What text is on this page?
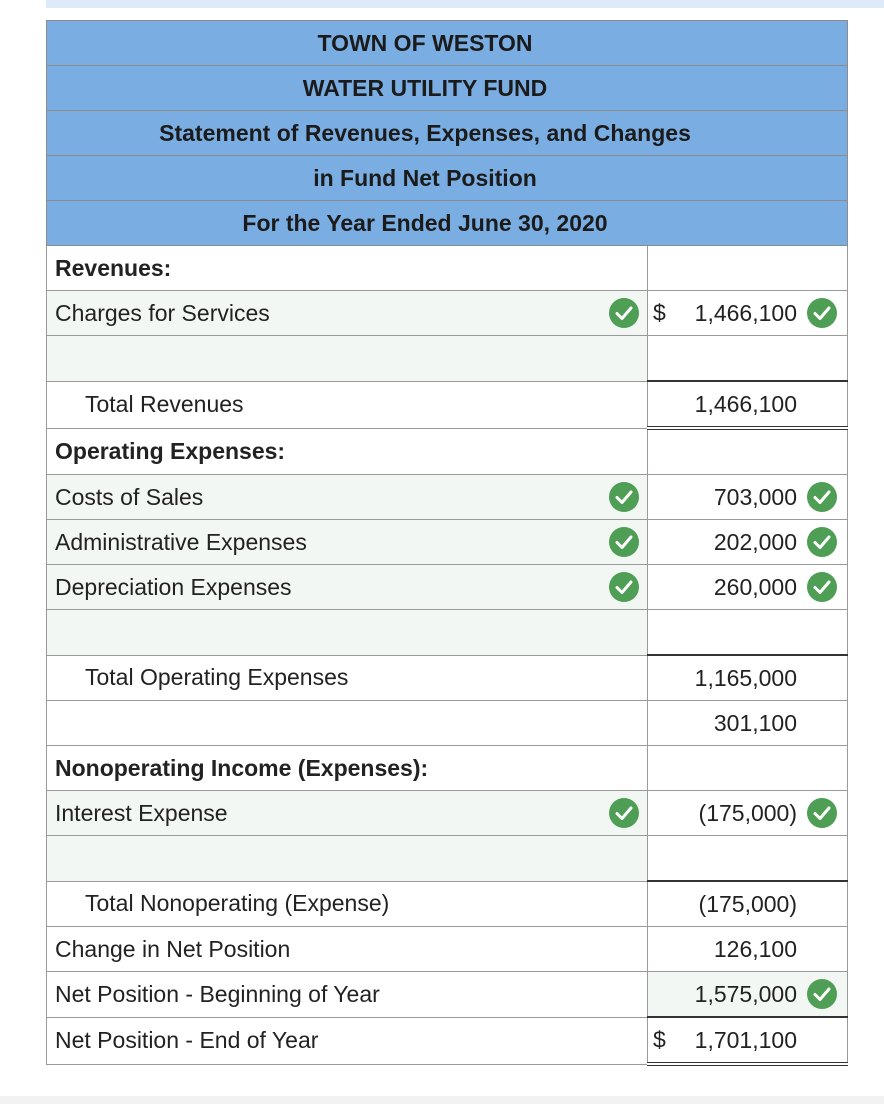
TOWN OF WESTON	
WATER UTILITY FUND	
Statement of Revenues, Expenses, and Changes	
in Fund Net Position	
For the Year Ended June 30, 2020	
Revenues:	
Charges for Services	$ 1,466,100

Total Revenues	1,466,100
Operating Expenses:	
Costs of Sales	703,000

Administrative Expenses	202,000

Depreciation Expenses	260,000

Total Operating Expenses	1,165,000
	301,100
Nonoperating Income (Expenses):	
Interest Expense	(175,000)

Total Nonoperating (Expense)	(175,000)
Change in Net Position	126,100
Net Position - Beginning of Year	1,575,000

Net Position - End of Year	$ 1,701,100
